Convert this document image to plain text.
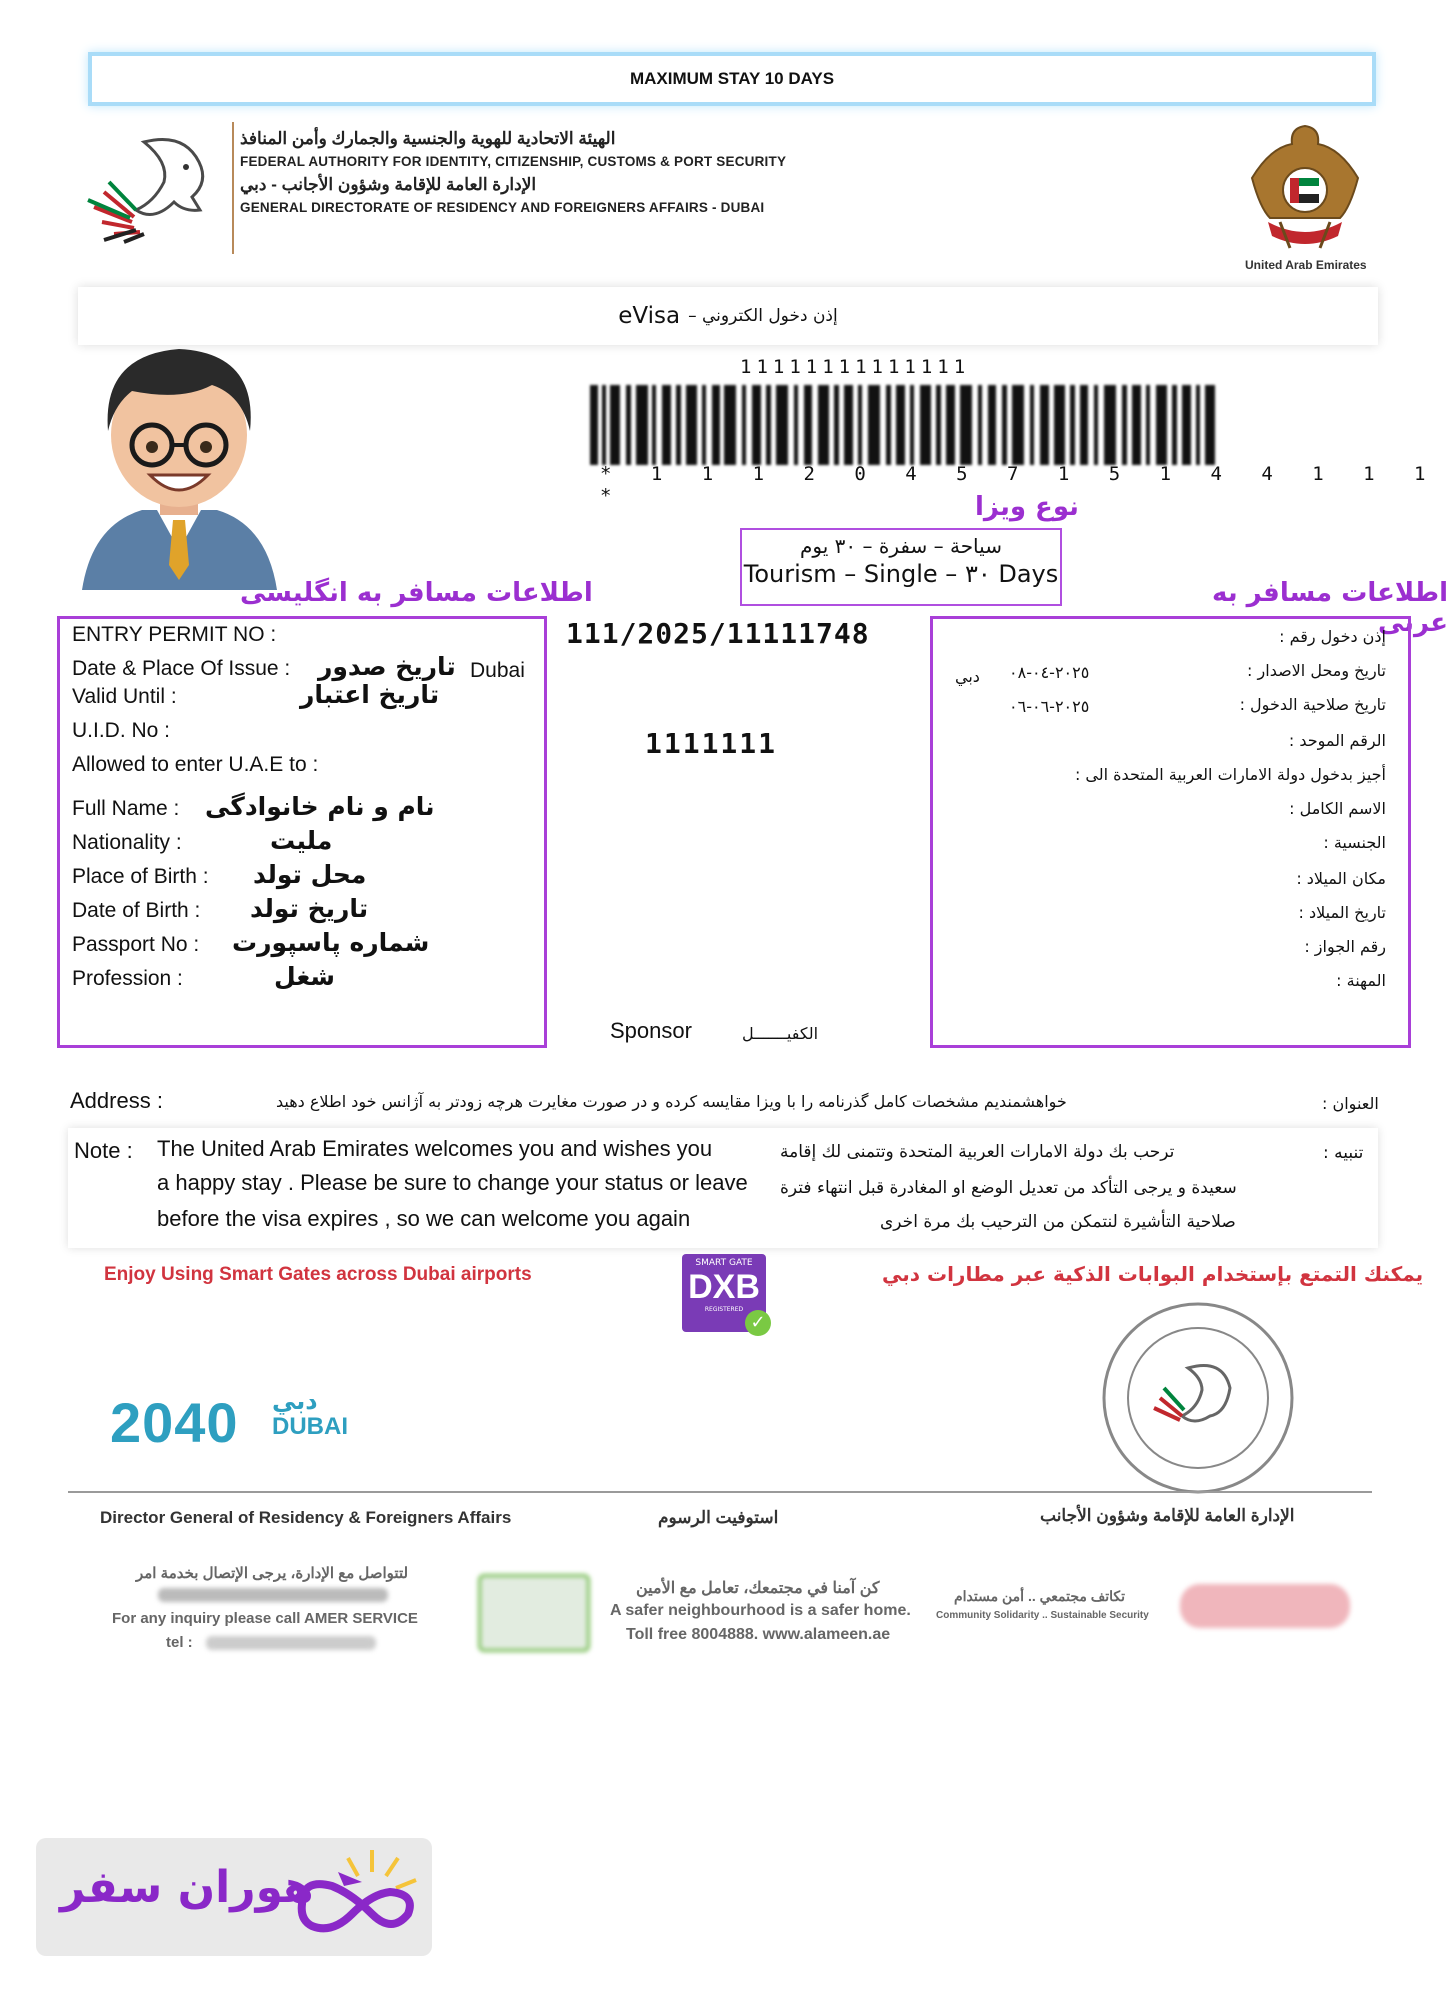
MAXIMUM STAY 10 DAYS
الهيئة الاتحادية للهوية والجنسية والجمارك وأمن المنافذ
FEDERAL AUTHORITY FOR IDENTITY, CITIZENSHIP, CUSTOMS & PORT SECURITY
الإدارة العامة للإقامة وشؤون الأجانب - دبي
GENERAL DIRECTORATE OF RESIDENCY AND FOREIGNERS AFFAIRS - DUBAI
United Arab Emirates
eVisa إذن دخول الكتروني –
11111111111111
* 1 1 1 2 0 4 5 7 1 5 1 4 4 1 1 1 *	نوع ویزا
سياحة – سفرة – ٣٠ يوم
Tourism – Single – ٣٠ Days
اطلاعات مسافر به انگلیسی	اطلاعات مسافر به عربی
ENTRY PERMIT NO :
Date & Place Of Issue : تاریخ صدور Dubai
Valid Until :	تاریخ اعتبار
U.I.D. No :
Allowed to enter U.A.E to :
Full Name : نام و نام خانوادگی
Nationality :	ملیت
Place of Birth : محل تولد
Date of Birth : تاریخ تولد
Passport No : شماره پاسپورت
Profession :	شغل
111/2025/11111748
1111111
إذن دخول رقم :
تاريخ ومحل الاصدار :
٢٠٢٥-٠٤-٠٨
دبي
تاريخ صلاحية الدخول :
٢٠٢٥-٠٦-٠٦
الرقم الموحد :
أجيز بدخول دولة الامارات العربية المتحدة الى :
الاسم الكامل :
الجنسية :
مكان الميلاد :
تاريخ الميلاد :
رقم الجواز :
المهنة :
Sponsor	الكفيـــــــل
Address :	خواهشمندیم مشخصات کامل گذرنامه را با ویزا مقایسه کرده و در صورت مغایرت هرچه زودتر به آژانس خود اطلاع دهید	العنوان :
Note : The United Arab Emirates welcomes you and wishes you
a happy stay . Please be sure to change your status or leave
before the visa expires , so we can welcome you again
تنبيه :
ترحب بك دولة الامارات العربية المتحدة وتتمنى لك إقامة
سعيدة و يرجى التأكد من تعديل الوضع او المغادرة قبل انتهاء فترة
صلاحية التأشيرة لنتمكن من الترحيب بك مرة اخرى
Enjoy Using Smart Gates across Dubai airports	يمكنك التمتع بإستخدام البوابات الذكية عبر مطارات دبي
SMART GATE
DXB
REGISTERED
✓
2040 دبي
DUBAI
Director General of Residency & Foreigners Affairs	استوفيت الرسوم	الإدارة العامة للإقامة وشؤون الأجانب
لتتواصل مع الإدارة، يرجى الإتصال بخدمة امر
For any inquiry please call AMER SERVICE
tel :
كن آمنا في مجتمعك، تعامل مع الأمين
A safer neighbourhood is a safer home.
Toll free 8004888. www.alameen.ae
تكاتف مجتمعي .. أمن مستدام
Community Solidarity .. Sustainable Security
هوران سفر
